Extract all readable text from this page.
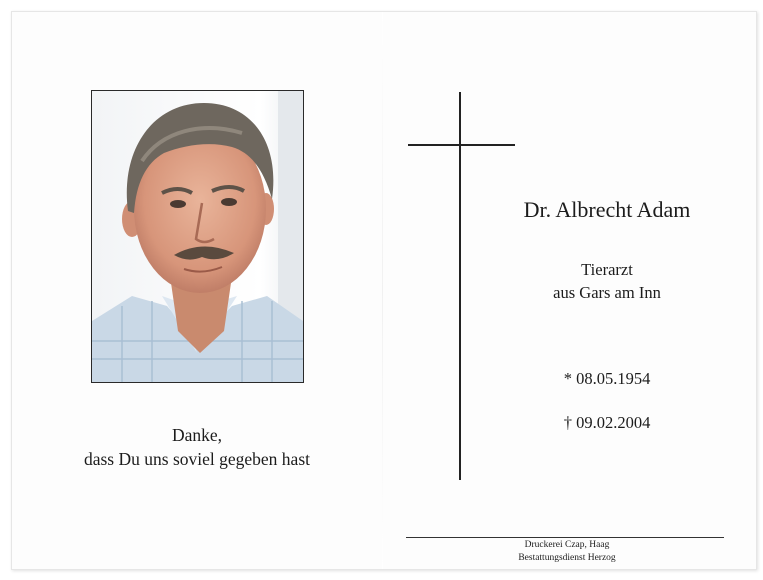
Danke,
dass Du uns soviel gegeben hast
Dr. Albrecht Adam
Tierarzt
aus Gars am Inn
* 08.05.1954
† 09.02.2004
Druckerei Czap, Haag
Bestattungsdienst Herzog
